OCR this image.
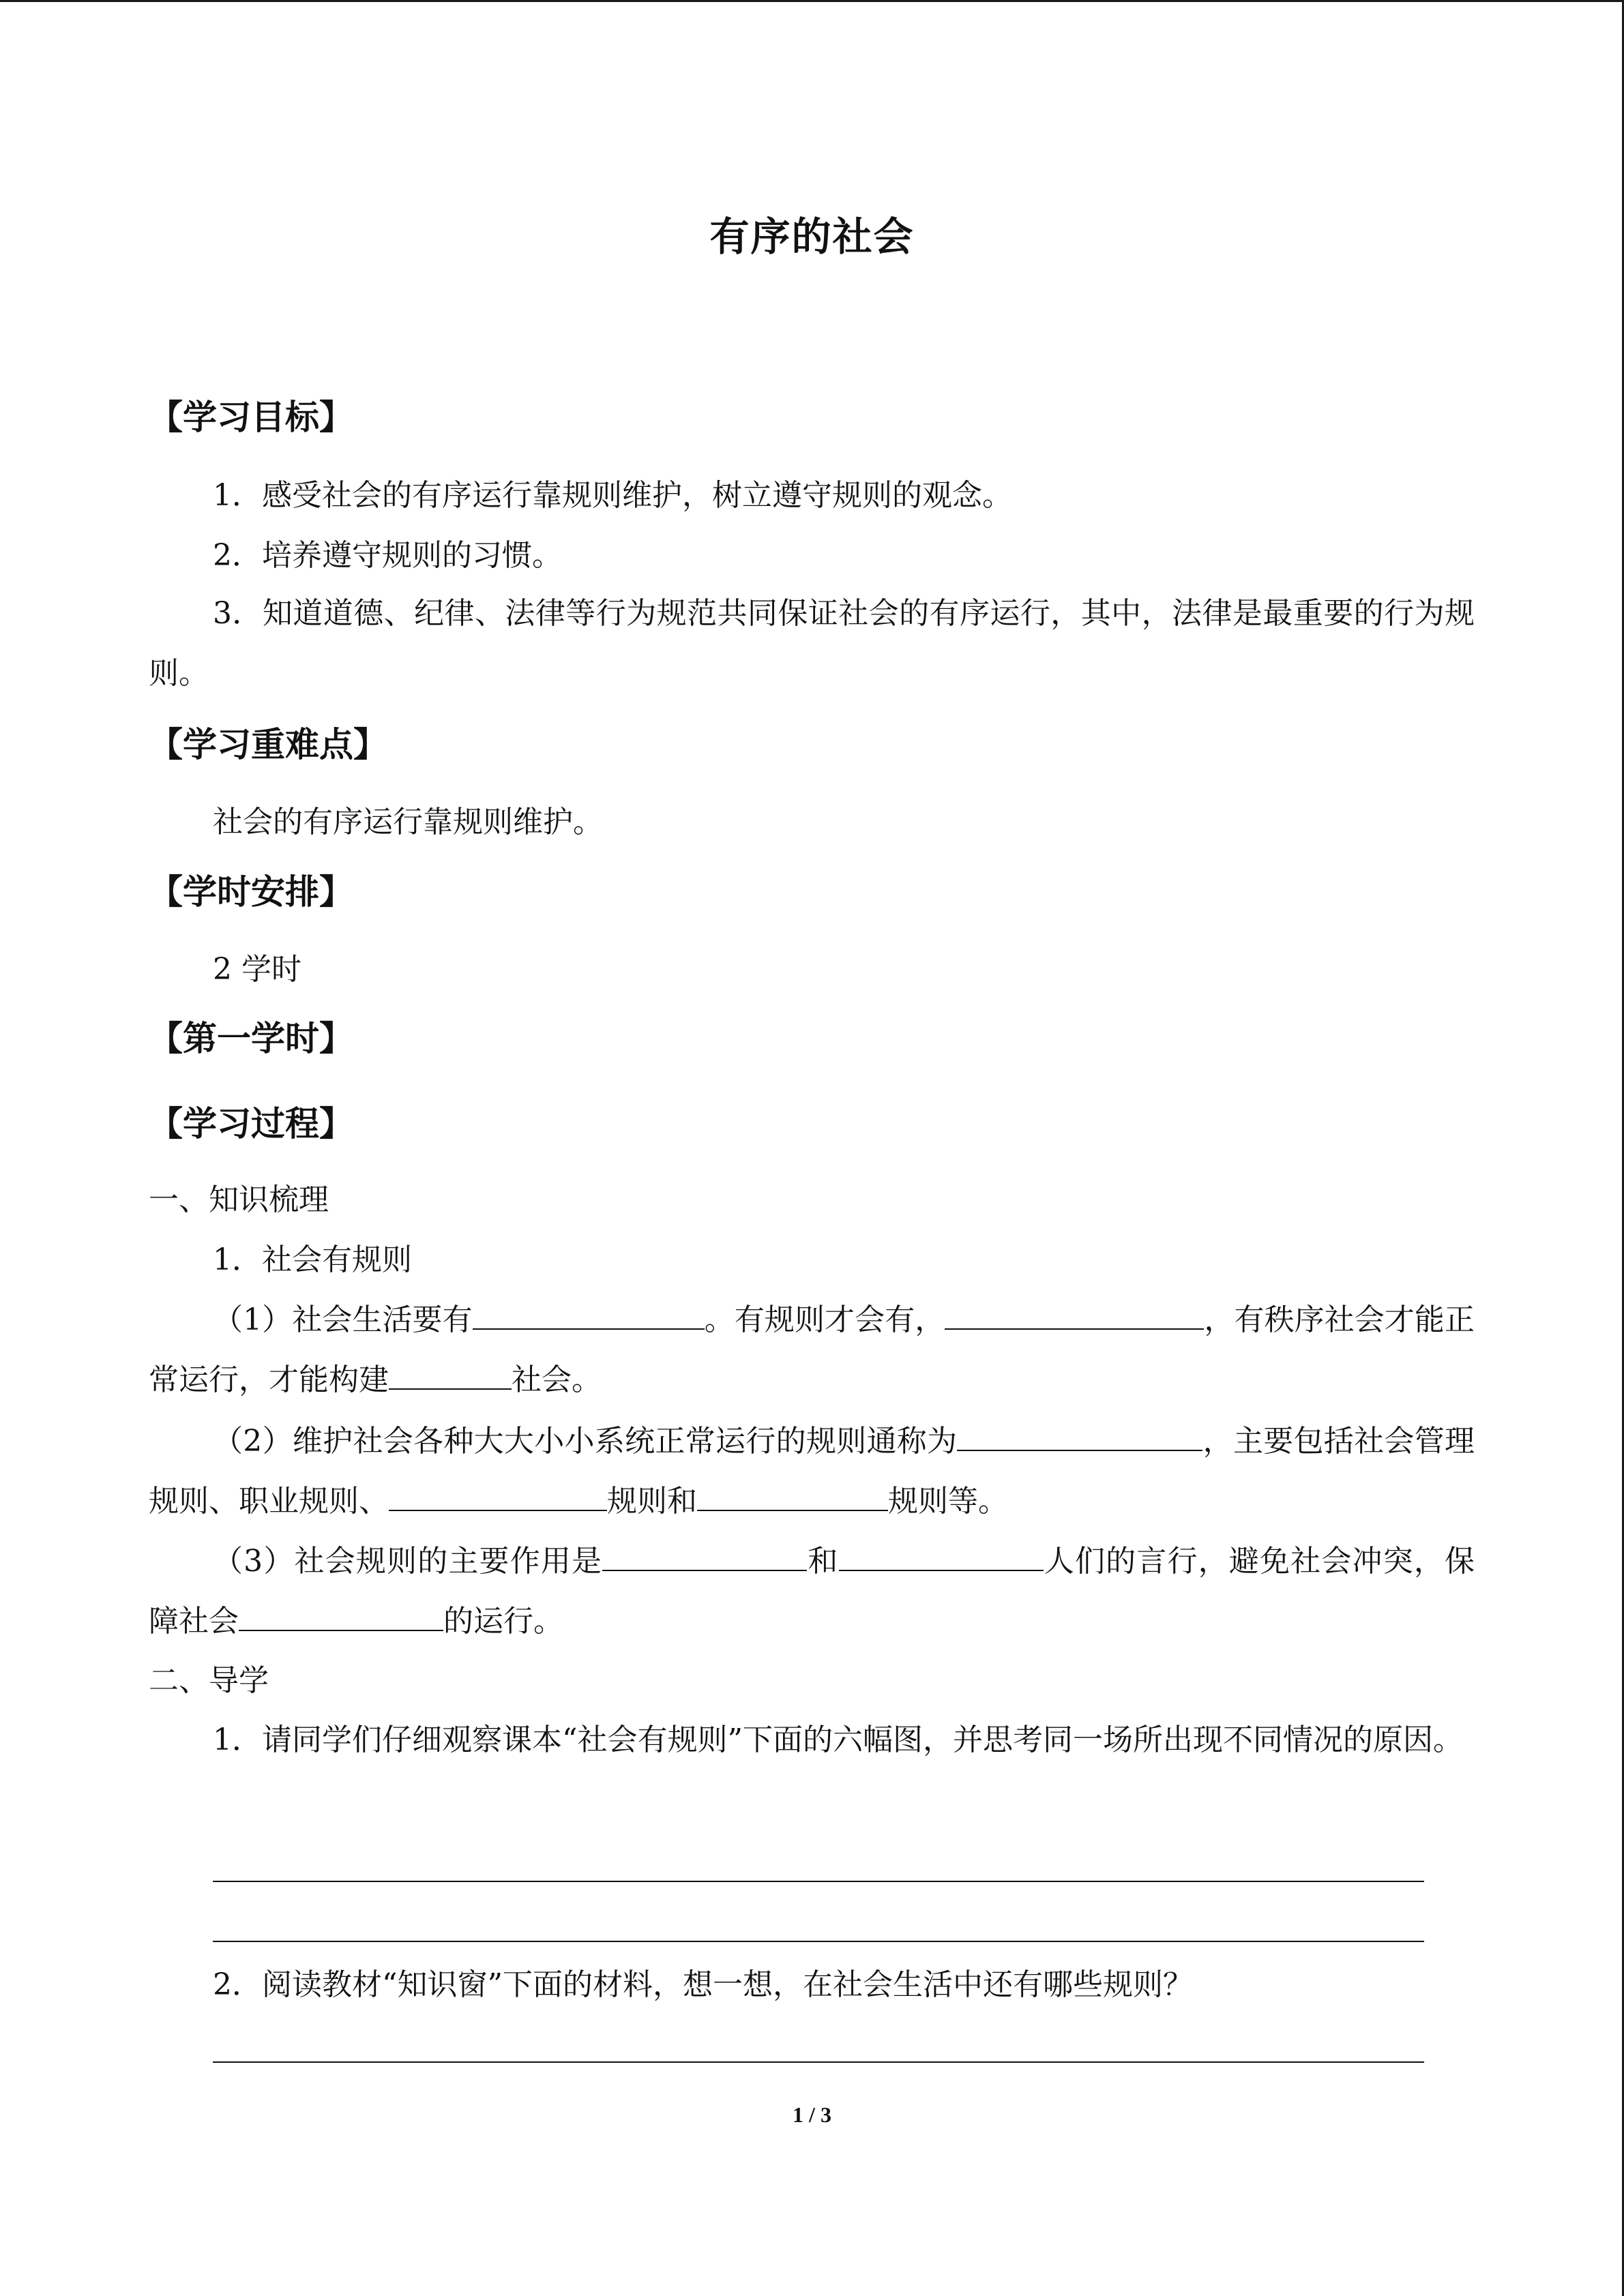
有序的社会
【学习目标】
1．感受社会的有序运行靠规则维护，树立遵守规则的观念。
2．培养遵守规则的习惯。
3．知道道德、纪律、法律等行为规范共同保证社会的有序运行，其中，法律是最重要的行为规则。
【学习重难点】
社会的有序运行靠规则维护。
【学时安排】
2 学时
【第一学时】
【学习过程】
一、知识梳理
1．社会有规则
（1）社会生活要有	。有规则才会有，	，有秩序社会才能正常运行，才能构建	社会。
（2）维护社会各种大大小小系统正常运行的规则通称为	，主要包括社会管理规则、职业规则、	规则和	规则等。
（3）社会规则的主要作用是	和	人们的言行，避免社会冲突，保障社会	的运行。
二、导学
1．请同学们仔细观察课本“社会有规则”下面的六幅图，并思考同一场所出现不同情况的原因。
2．阅读教材“知识窗”下面的材料，想一想，在社会生活中还有哪些规则？
1 / 3
